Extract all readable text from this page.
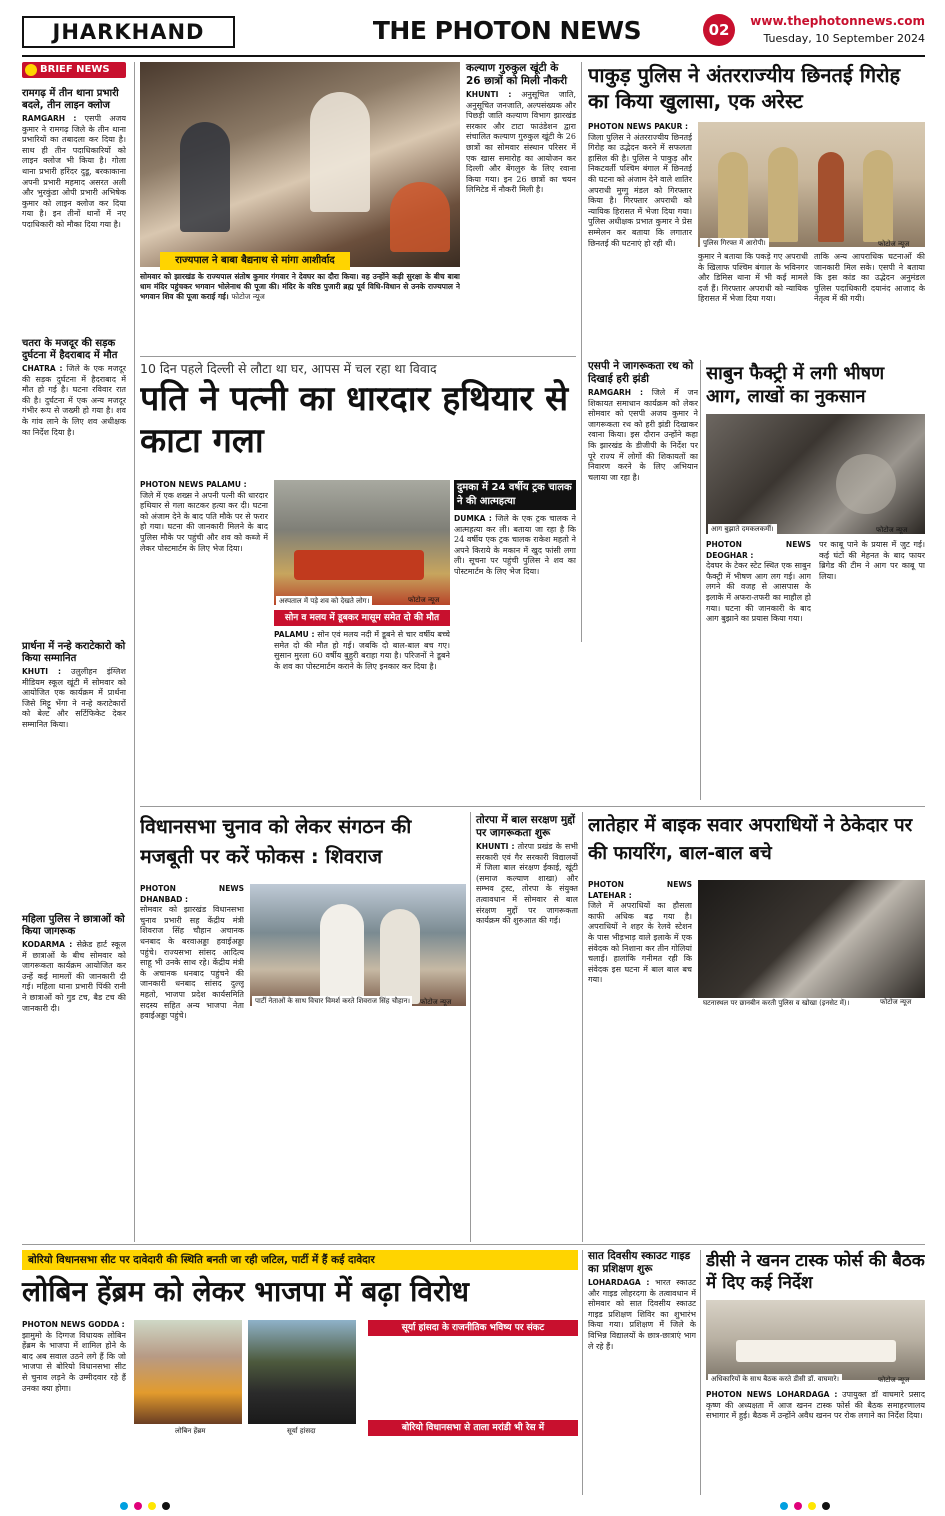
JHARKHAND	THE PHOTON NEWS	02	www.thephotonnews.com
Tuesday, 10 September 2024
BRIEF NEWS
रामगढ़ में तीन थाना प्रभारी बदले, तीन लाइन क्लोज
RAMGARH : एसपी अजय कुमार ने रामगढ़ जिले के तीन थाना प्रभारियों का तबादला कर दिया है। साथ ही तीन पदाधिकारियों को लाइन क्लोज भी किया है। गोला थाना प्रभारी हरिंदर दुडू, बरकाकाना अपनी प्रभारी महमाद असरत अली और भुरकुंडा ओपी प्रभारी अभिषेक कुमार को लाइन क्लोज कर दिया गया है। इन तीनों थानों में नए पदाधिकारी को मौका दिया गया है।
चतरा के मजदूर की सड़क दुर्घटना में हैदराबाद में मौत
CHATRA : जिले के एक मजदूर की सड़क दुर्घटना में हैदराबाद में मौत हो गई है। घटना रविवार रात की है। दुर्घटना में एक अन्य मजदूर गंभीर रूप से जख्मी हो गया है। शव के गांव लाने के लिए शव अधीक्षक का निर्देश दिया है।
प्रार्थना में नन्हे कराटेकारो को किया सम्मानित
KHUTI : उलुलीहन इंग्लिश मीडियम स्कूल खूंटी में सोमवार को आयोजित एक कार्यक्रम में प्रार्थना जिसे मिट्टू भेंगा ने नन्हे कराटेकारों को बेल्ट और सर्टिफिकेट देकर सम्मानित किया।
महिला पुलिस ने छात्राओं को किया जागरूक
KODARMA : सेक्रेड हार्ट स्कूल में छात्राओं के बीच सोमवार को जागरूकता कार्यक्रम आयोजित कर उन्हें कई मामलों की जानकारी दी गई। महिला थाना प्रभारी पिंकी रानी ने छात्राओं को गुड टच, बैड टच की जानकारी दी।
राज्यपाल ने बाबा बैद्यनाथ से मांगा आशीर्वाद
सोमवार को झारखंड के राज्यपाल संतोष कुमार गंगवार ने देवघर का दौरा किया। वह उन्होंने कड़ी सुरक्षा के बीच बाबा धाम मंदिर पहुंचकर भगवान भोलेनाथ की पूजा की। मंदिर के वरिष्ठ पुजारी ब्रह्म पूर्व विधि-विधान से उनके राज्यपाल ने भगवान शिव की पूजा कराई गई। फोटोज न्यूज
कल्याण गुरुकुल खूंटी के 26 छात्रों को मिली नौकरी
KHUNTI : अनुसूचित जाति, अनुसूचित जनजाति, अल्पसंख्यक और पिछड़ी जाति कल्याण विभाग झारखंड सरकार और टाटा फाउंडेशन द्वारा संचालित कल्याण गुरुकुल खूंटी के 26 छात्रों का सोमवार संस्थान परिसर में एक खास समारोह का आयोजन कर दिल्ली और बेंगलुरु के लिए रवाना किया गया। इन 26 छात्रों का चयन लिमिटेड में नौकरी मिली है।
पाकुड़ पुलिस ने अंतरराज्यीय छिनतई गिरोह का किया खुलासा, एक अरेस्ट
PHOTON NEWS PAKUR :
जिला पुलिस ने अंतरराज्यीय छिनतई गिरोह का उद्भेदन करने में सफलता हासिल की है। पुलिस ने पाकुड़ और निकटवर्ती पश्चिम बंगाल में छिनतई की घटना को अंजाम देने वाले शातिर अपराधी मुग्गु मंडल को गिरफ्तार किया है। गिरफ्तार अपराधी को न्यायिक हिरासत में भेजा दिया गया। पुलिस अधीक्षक प्रभात कुमार ने प्रेस सम्मेलन कर बताया कि लगातार छिनतई की घटनाएं हो रही थी।	पुलिस गिरफ्त में आरोपी।	फोटोज न्यूज
कुमार ने बताया कि पकड़े गए अपराधी के खिलाफ पश्चिम बंगाल के भविनगर और डिमिस थाना में भी कई मामले दर्ज हैं। गिरफ्तार अपराधी को न्यायिक हिरासत में भेजा दिया गया।
ताकि अन्य आपराधिक घटनाओं की जानकारी मिल सके। एसपी ने बताया कि इस कांड का उद्भेदन अनुमंडल पुलिस पदाधिकारी दयानंद आजाद के नेतृत्व में की गयी।
10 दिन पहले दिल्ली से लौटा था घर, आपस में चल रहा था विवाद
पति ने पत्नी का धारदार हथियार से काटा गला
PHOTON NEWS PALAMU :
जिले में एक शख्स ने अपनी पत्नी की धारदार हथियार से गला काटकर हत्या कर दी। घटना को अंजाम देने के बाद पति मौके पर से फरार हो गया। घटना की जानकारी मिलने के बाद पुलिस मौके पर पहुंची और शव को कब्जे में लेकर पोस्टमार्टम के लिए भेज दिया।
अस्पताल में पड़े शव को देखते लोग।	फोटोज न्यूज
सोन व मलय में डूबकर मासूम समेत दो की मौत
PALAMU : सोन एवं मलय नदी में डूबने से चार वर्षीय बच्चे समेत दो की मौत हो गई। जबकि दो बाल-बाल बच गए। सुसान मुरला 60 वर्षीय बुहुरी बराहा गया है। परिजनों ने डूबने के शव का पोस्टमार्टम कराने के लिए इनकार कर दिया है।
दुमका में 24 वर्षीय ट्रक चालक ने की आत्महत्या
DUMKA : जिले के एक ट्रक चालक ने आत्महत्या कर ली। बताया जा रहा है कि 24 वर्षीय एक ट्रक चालक राकेश महतो ने अपने किराये के मकान में खुद फांसी लगा ली। सूचना पर पहुंची पुलिस ने शव का पोस्टमार्टम के लिए भेज दिया।
एसपी ने जागरूकता रथ को दिखाई हरी झंडी
RAMGARH : जिले में जन शिकायत समाधान कार्यक्रम को लेकर सोमवार को एसपी अजय कुमार ने जागरूकता रथ को हरी झंडी दिखाकर रवाना किया। इस दौरान उन्होंने कहा कि झारखंड के डीजीपी के निर्देश पर पूरे राज्य में लोगों की शिकायतों का निवारण करने के लिए अभियान चलाया जा रहा है।
साबुन फैक्ट्री में लगी भीषण आग, लाखों का नुकसान
आग बुझाते दमकलकर्मी।	फोटोज न्यूज
PHOTON NEWS DEOGHAR :
देवघर के टेकर स्टेट स्थित एक साबुन फैक्ट्री में भीषण आग लग गई। आग लगने की वजह से आसपास के इलाके में अफरा-तफरी का माहौल हो गया। घटना की जानकारी के बाद आग बुझाने का प्रयास किया गया।
पर काबू पाने के प्रयास में जुट गई। कई घंटों की मेहनत के बाद फायर ब्रिगेड की टीम ने आग पर काबू पा लिया।
विधानसभा चुनाव को लेकर संगठन की मजबूती पर करें फोकस : शिवराज
PHOTON NEWS DHANBAD :
सोमवार को झारखंड विधानसभा चुनाव प्रभारी सह केंद्रीय मंत्री शिवराज सिंह चौहान अचानक धनबाद के बरवाअड्डा हवाईअड्डा पहुंचे। राज्यसभा सांसद आदित्य साहू भी उनके साथ रहे। केंद्रीय मंत्री के अचानक धनबाद पहुंचने की जानकारी धनबाद सांसद दुल्लू महतो, भाजपा प्रदेश कार्यसमिति सदस्य सहित अन्य भाजपा नेता हवाईअड्डा पहुंचे।
पार्टी नेताओं के साथ विचार विमर्श करते शिवराज सिंह चौहान। फोटोज न्यूज
तोरपा में बाल सरक्षण मुद्दों पर जागरूकता शुरू
KHUNTI : तोरपा प्रखंड के सभी सरकारी एवं गैर सरकारी विद्यालयों में जिला बाल संरक्षण ईकाई, खूंटी (समाज कल्याण शाखा) और सम्भव ट्रस्ट, तोरपा के संयुक्त तत्वावधान में सोमवार से बाल संरक्षण मुद्दों पर जागरूकता कार्यक्रम की शुरुआत की गई।
लातेहार में बाइक सवार अपराधियों ने ठेकेदार पर की फायरिंग, बाल-बाल बचे
PHOTON NEWS LATEHAR :
जिले में अपराधियों का हौसला काफी अधिक बढ़ गया है। अपराधियों ने शहर के रेलवे स्टेशन के पास भीड़भाड़ वाले इलाके में एक संवेदक को निशाना कर तीन गोलियां चलाई। हालांकि गनीमत रही कि संवेदक इस घटना में बाल बाल बच गया।
घटनास्थल पर छानबीन करती पुलिस व खोखा (इनसेट में)।	फोटोज न्यूज
बोरियो विधानसभा सीट पर दावेदारी की स्थिति बनती जा रही जटिल, पार्टी में हैं कई दावेदार
लोबिन हेंब्रम को लेकर भाजपा में बढ़ा विरोध
PHOTON NEWS GODDA :
झामुमो के दिग्गज विधायक लोबिन हेंब्रम के भाजपा में शामिल होने के बाद अब सवाल उठने लगे हैं कि जो भाजपा से बोरियो विधानसभा सीट से चुनाव लड़ने के उम्मीदवार रहे हैं उनका क्या होगा।
लोबिन हेंब्रम	सूर्या हांसदा
सूर्या हांसदा के राजनीतिक भविष्य पर संकट
बोरियो विधानसभा से ताला मरांडी भी रेस में
सात दिवसीय स्काउट गाइड का प्रशिक्षण शुरू
LOHARDAGA : भारत स्काउट और गाइड लोहरदगा के तत्वावधान में सोमवार को सात दिवसीय स्काउट गाइड प्रशिक्षण शिविर का शुभारंभ किया गया। प्रशिक्षण में जिले के विभिन्न विद्यालयों के छात्र-छात्राएं भाग ले रहे हैं।
डीसी ने खनन टास्क फोर्स की बैठक में दिए कई निर्देश
अधिकारियों के साथ बैठक करते डीसी डॉ. वाघमारे।	फोटोज न्यूज
PHOTON NEWS LOHARDAGA : उपायुक्त डॉ वाघमारे प्रसाद कृष्ण की अध्यक्षता में आज खनन टास्क फोर्स की बैठक समाहरणालय सभागार में हुई। बैठक में उन्होंने अवैध खनन पर रोक लगाने का निर्देश दिया।
